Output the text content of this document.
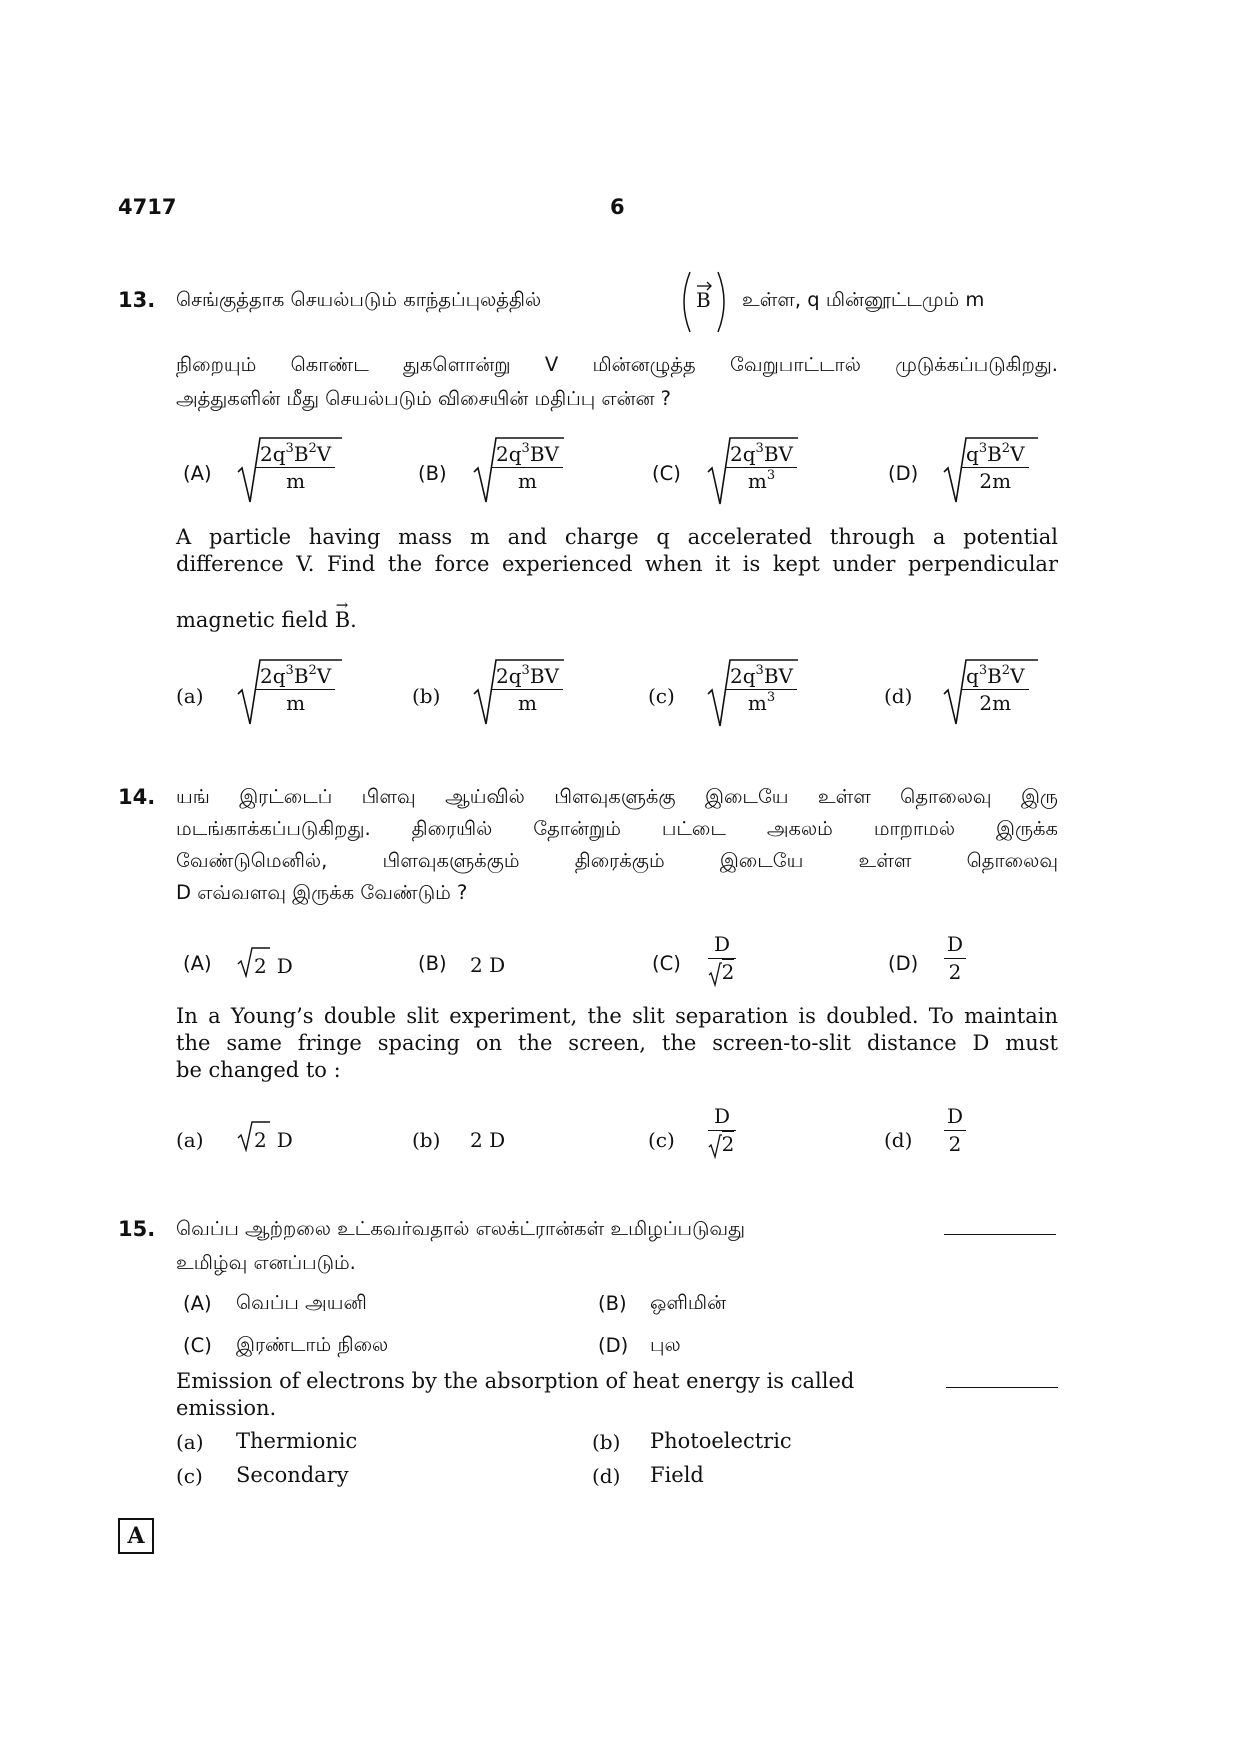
4717	6
13. செங்குத்தாக செயல்படும் காந்தப்புலத்தில்	B உள்ள, q மின்னூட்டமும் m
நிறையும் கொண்ட துகளொன்று V மின்னழுத்த வேறுபாட்டால் முடுக்கப்படுகிறது.
அத்துகளின் மீது செயல்படும் விசையின் மதிப்பு என்ன ?
(A)	(B)	(C)	(D)
$\frac{2q^3B^2V}{m}$	$\frac{2q^3BV}{m}$	$\frac{2q^3BV}{m^3}$	$\frac{q^3B^2V}{2m}$
A particle having mass m and charge q accelerated through a potential
difference V. Find the force experienced when it is kept under perpendicular
magnetic field → B.
(a)	(b)	(c)	(d)
$\frac{2q^3B^2V}{m}$	$\frac{2q^3BV}{m}$	$\frac{2q^3BV}{m^3}$	$\frac{q^3B^2V}{2m}$
14. யங் இரட்டைப் பிளவு ஆய்வில் பிளவுகளுக்கு இடையே உள்ள தொலைவு இரு
மடங்காக்கப்படுகிறது. திரையில் தோன்றும் பட்டை அகலம் மாறாமல் இருக்க
வேண்டுமெனில், பிளவுகளுக்கும் திரைக்கும் இடையே உள்ள தொலைவு
D எவ்வளவு இருக்க வேண்டும் ?
(A) 2 D	(B) 2 D	$(C) \frac{D}{2}$	$(D) \frac{D}{2}$
In a Young’s double slit experiment, the slit separation is doubled. To maintain
the same fringe spacing on the screen, the screen-to-slit distance D must
be changed to :
(a)	2 D	(b) 2 D	$(c) \frac{D}{2}$	$(d) \frac{D}{2}$
15. வெப்ப ஆற்றலை உட்கவர்வதால் எலக்ட்ரான்கள் உமிழப்படுவது
உமிழ்வு எனப்படும்.
(A) வெப்ப அயனி	(B) ஒளிமின்
(C) இரண்டாம் நிலை	(D) புல
Emission of electrons by the absorption of heat energy is called
emission.
(a) Thermionic	(b) Photoelectric
(c) Secondary	(d) Field
A
